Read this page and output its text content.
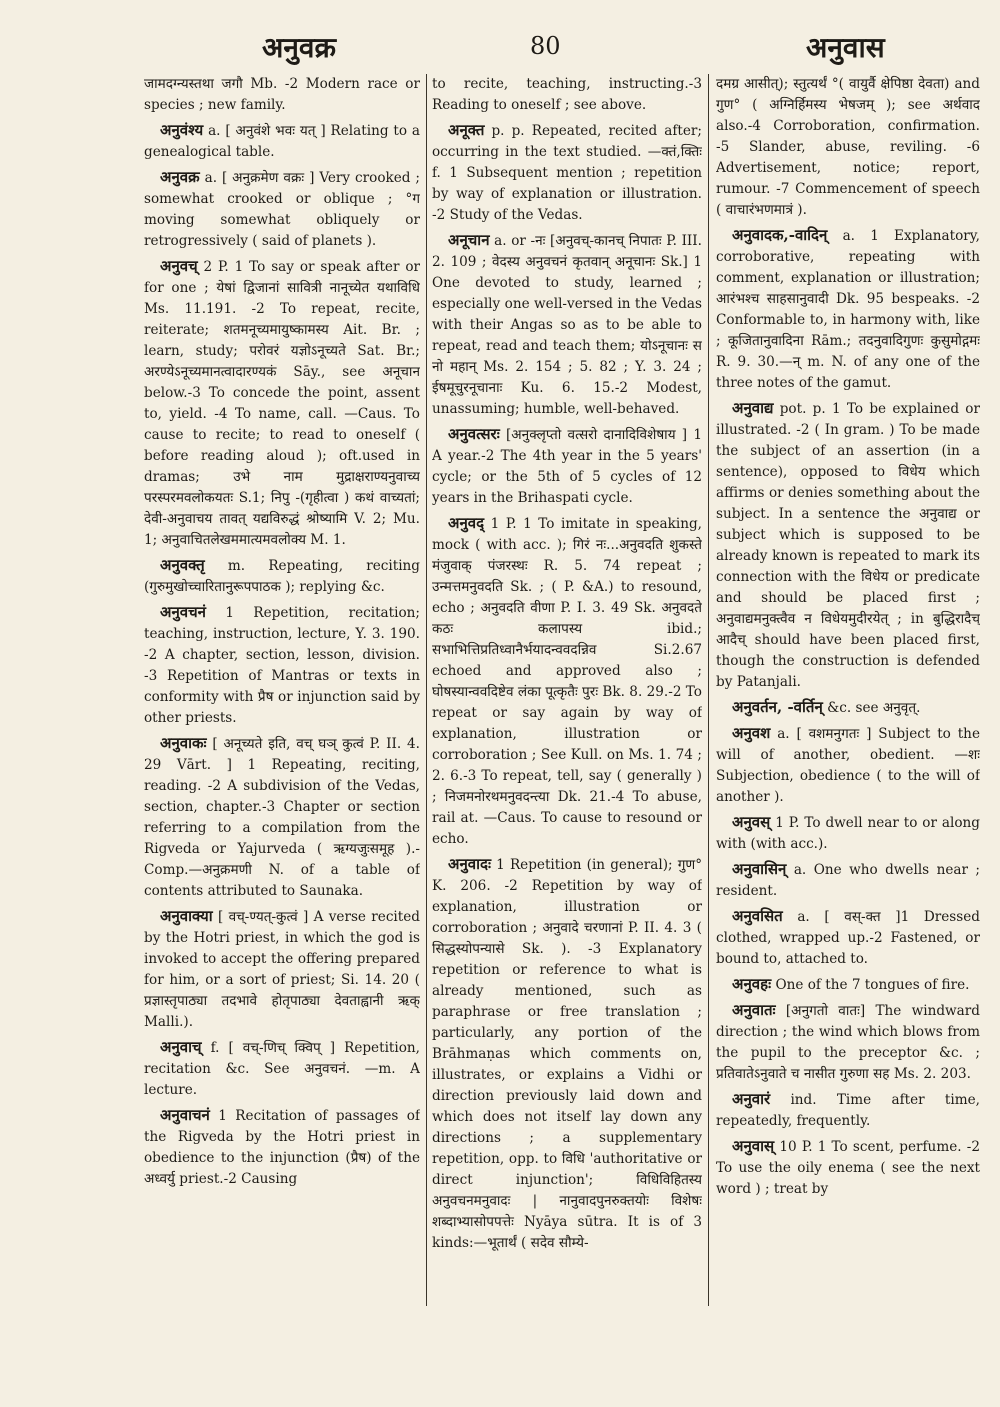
अनुवक्र	80	अनुवास

जामदग्न्यस्तथा जगौ Mb. -2 Modern race or species ; new family.

अनुवंश्य a. [ अनुवंशे भवः यत् ] Relating to a genealogical table.

अनुवक्र a. [ अनुक्रमेण वक्रः ] Very crooked ; somewhat crooked or oblique ; °ग moving somewhat obliquely or retrogressively ( said of planets ).

अनुवच् 2 P. 1 To say or speak after or for one ; येषां द्विजानां सावित्री नानूच्येत यथाविधि Ms. 11.191. -2 To repeat, recite, reiterate; शतमनूच्यमायुष्कामस्य Ait. Br. ; learn, study; परोवरं यज्ञोऽनूच्यते Sat. Br.; अरण्येऽनूच्यमानत्वादारण्यकं Sāy., see अनूचान below.-3 To concede the point, assent to, yield. -4 To name, call. —Caus. To cause to recite; to read to oneself ( before reading aloud ); oft.used in dramas; उभे नाम मुद्राक्षराण्यनुवाच्य परस्परमवलोकयतः S.1; निपु -(गृहीत्वा ) कथं वाच्यतां; देवी-अनुवाचय तावत् यद्यविरुद्धं श्रोष्यामि V. 2; Mu. 1; अनुवाचितलेखममात्यमवलोक्य M. 1.

अनुवक्तृ m. Repeating, reciting (गुरुमुखोच्चारितानुरूपपाठक ); replying &c.

अनुवचनं 1 Repetition, recitation; teaching, instruction, lecture, Y. 3. 190. -2 A chapter, section, lesson, division. -3 Repetition of Mantras or texts in conformity with प्रैष or injunction said by other priests.

अनुवाकः [ अनूच्यते इति, वच् घञ् कुत्वं P. II. 4. 29 Vārt. ] 1 Repeating, reciting, reading. -2 A subdivision of the Vedas, section, chapter.-3 Chapter or section referring to a compilation from the Rigveda or Yajurveda ( ऋग्यजुःसमूह ).-Comp.—अनुक्रमणी N. of a table of contents attributed to Saunaka.

अनुवाक्या [ वच्-ण्यत्-कुत्वं ] A verse recited by the Hotri priest, in which the god is invoked to accept the offering prepared for him, or a sort of priest; Si. 14. 20 ( प्रज्ञास्तृपाठ्या तदभावे होतृपाठ्या देवताह्वानी ऋक् Malli.).

अनुवाच् f. [ वच्-णिच् क्विप् ] Repetition, recitation &c. See अनुवचनं. —m. A lecture.

अनुवाचनं 1 Recitation of passages of the Rigveda by the Hotri priest in obedience to the injunction (प्रैष) of the अध्वर्यु priest.-2 Causing

to recite, teaching, instructing.-3 Reading to oneself ; see above.

अनूक्त p. p. Repeated, recited after; occurring in the text studied. —क्तं,क्तिः f. 1 Subsequent mention ; repetition by way of explanation or illustration. -2 Study of the Vedas.

अनूचान a. or -नः [अनुवच्-कानच् निपातः P. III. 2. 109 ; वेदस्य अनुवचनं कृतवान् अनूचानः Sk.] 1 One devoted to study, learned ; especially one well-versed in the Vedas with their Angas so as to be able to repeat, read and teach them; योऽनूचानः स नो महान् Ms. 2. 154 ; 5. 82 ; Y. 3. 24 ; ईषमूचुरनूचानाः Ku. 6. 15.-2 Modest, unassuming; humble, well-behaved.

अनुवत्सरः [अनुक्लृप्तो वत्सरो दानादिविशेषाय ] 1 A year.-2 The 4th year in the 5 years' cycle; or the 5th of 5 cycles of 12 years in the Brihaspati cycle.

अनुवद् 1 P. 1 To imitate in speaking, mock ( with acc. ); गिरं नः...अनुवदति शुकस्ते मंजुवाक् पंजरस्थः R. 5. 74 repeat ; उन्मत्तमनुवदति Sk. ; ( P. &A.) to resound, echo ; अनुवदति वीणा P. I. 3. 49 Sk. अनुवदते कठः कलापस्य ibid.; सभाभित्तिप्रतिध्वानैर्भयादन्ववदन्निव Si.2.67 echoed and approved also ; घोषस्यान्ववदिष्टेव लंका पूत्कृतैः पुरः Bk. 8. 29.-2 To repeat or say again by way of explanation, illustration or corroboration ; See Kull. on Ms. 1. 74 ; 2. 6.-3 To repeat, tell, say ( generally ) ; निजमनोरथमनुवदन्त्या Dk. 21.-4 To abuse, rail at. —Caus. To cause to resound or echo.

अनुवादः 1 Repetition (in general); गुण° K. 206. -2 Repetition by way of explanation, illustration or corroboration ; अनुवादे चरणानां P. II. 4. 3 ( सिद्धस्योपन्यासे Sk. ). -3 Explanatory repetition or reference to what is already mentioned, such as paraphrase or free translation ; particularly, any portion of the Brāhmaṇas which comments on, illustrates, or explains a Vidhi or direction previously laid down and which does not itself lay down any directions ; a supplementary repetition, opp. to विधि 'authoritative or direct injunction'; विधिविहितस्य अनुवचनमनुवादः | नानुवादपुनरुक्तयोः विशेषः शब्दाभ्यासोपपत्तेः Nyāya sūtra. It is of 3 kinds:—भूतार्थं ( सदेव सौम्ये-

दमग्र आसीत्); स्तुत्यर्थं °( वायुर्वै क्षेपिष्ठा देवता) and गुण° ( अग्निर्हिमस्य भेषजम् ); see अर्थवाद also.-4 Corroboration, confirmation. -5 Slander, abuse, reviling. -6 Advertisement, notice; report, rumour. -7 Commencement of speech ( वाचारंभणमात्रं ).

अनुवादक,-वादिन् a. 1 Explanatory, corroborative, repeating with comment, explanation or illustration; आरंभश्च साहसानुवादी Dk. 95 bespeaks. -2 Conformable to, in harmony with, like ; कूजितानुवादिना Rām.; तदनुवादिगुणः कुसुमोद्गमः R. 9. 30.—न् m. N. of any one of the three notes of the gamut.

अनुवाद्य pot. p. 1 To be explained or illustrated. -2 ( In gram. ) To be made the subject of an assertion (in a sentence), opposed to विधेय which affirms or denies something about the subject. In a sentence the अनुवाद्य or subject which is supposed to be already known is repeated to mark its connection with the विधेय or predicate and should be placed first ; अनुवाद्यमनुक्त्वैव न विधेयमुदीरयेत् ; in बुद्धिरादैच् आदैच् should have been placed first, though the construction is defended by Patanjali.

अनुवर्तन, -वर्तिन् &c. see अनुवृत्.

अनुवश a. [ वशमनुगतः ] Subject to the will of another, obedient. —शः Subjection, obedience ( to the will of another ).

अनुवस् 1 P. To dwell near to or along with (with acc.).

अनुवासिन् a. One who dwells near ; resident.

अनुवसित a. [ वस्-क्त ]1 Dressed clothed, wrapped up.-2 Fastened, or bound to, attached to.

अनुवहः One of the 7 tongues of fire.

अनुवातः [अनुगतो वातः] The windward direction ; the wind which blows from the pupil to the preceptor &c. ; प्रतिवातेऽनुवाते च नासीत गुरुणा सह Ms. 2. 203.

अनुवारं ind. Time after time, repeatedly, frequently.

अनुवास् 10 P. 1 To scent, perfume. -2 To use the oily enema ( see the next word ) ; treat by
